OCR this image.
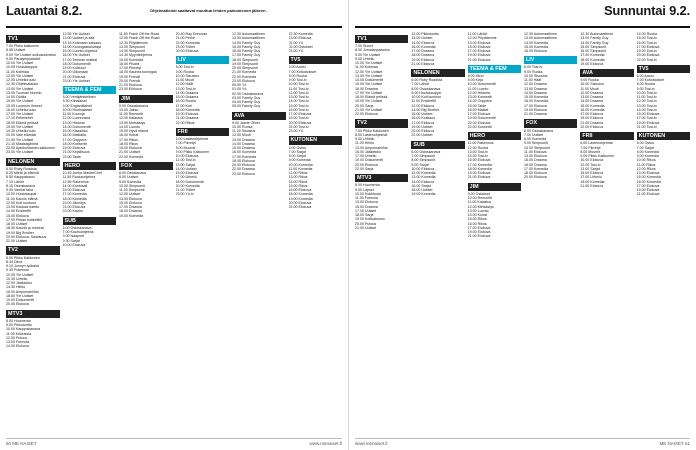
Lauantai 8.2.	Ohjelmatiedot saattavat muuttua lehden painomenon jälkeen.
TV1
7.00 Pikku kakkonen
8.55 Uutiset
9.00 Yle Uutiset selkosuomeksi
9.05 Paralympialaiset
10.00 Yle Uutiset
10.05 Huutokauppa
11.00 Kotimaa
12.00 Yle Uutiset
12.05 Urheiluruutu
12.30 Ohjelmatauko
13.00 Yle Uutiset
13.05 Tuomari Nurmio
14.00 Olotila
15.00 Yle Uutiset
15.05 Luonnon ihmeet
16.00 Urheiluruutu
17.00 Yle Uutiset
17.10 Pelimiehet
18.00 Elämä pelissä
19.00 Yle Uutiset
19.30 Urheiluruutu
20.00 Vain elämää
21.00 Yle Uutiset
21.10 Maalaisjärkeä
22.00 Ajankohtainen kakkonen
23.00 Yle Uutiset
NELONEN
6.00 Ruby Roadsta
6.25 Mietä ja eläimiä
6.50 Kauppakassi
7.10 Lähiöt
8.15 Ostoskanava
9.00 Vanhat talot
10.00 Huutokaupat
11.00 Kaunis elämä
12.00 Koti kuntoon
13.00 Kaukaa haettu
14.00 Ensitreffit
15.00 Elokuva
17.00 Pirkan kotikeittiö
18.00 Uutiset
18.30 Kauniit ja rohkeat
19.00 Big Brother
20.00 Elokuva: Salaisuus
22.00 Uutiset
TV2
6.50 Pikku Kakkonen
8.34 Dinot
9.10 Jonnyn työkalut
9.35 Pokemon
10.05 Yle Uutiset
10.30 Urheilu
12.00 Jääkiekko
14.30 Hiihto
16.00 Ampumahiihto
18.00 Yle Uutiset
19.00 Dokumentti
20.00 Elokuva
MTV3
8.00 Huomenta
9.00 Pikkutonttu
10.00 Kauppakanava
11.00 Kokkisota
12.00 Putous
13.00 Formula
14.00 Elokuva
12.55 Yle Uutiset
13.00 Uutiset ja sää
13.15 Kotimaan katsaus
14.00 Kuningaskuluttaja
15.00 Luonto-ohjelma
16.00 Yle Uutiset
17.00 Teeman matkat
18.00 Dokumentti
19.00 Kulttuuri
20.00 Ulkomaat
21.00 Elokuva
23.00 Yle Uutiset
TEEMA & FEM
8.00 Venäjänkielinen
8.30 Kiinalaiset
9.00 Englantilaiset
10.00 Ruotsalaiset
11.00 Kuoroja
12.00 Luonnossa
13.00 Historia
14.00 Dokumentit
15.00 Klassikko
16.00 Matkalla
17.00 Ooppera
18.00 Konsertti
19.00 Elokuva
21.00 Kirjallisuus
22.00 Taide
HERO
10.45 Junior MasterChef
11.50 Ruokaohjelma
12.55 Rakennus
14.00 Kuntosali
15.00 Elokuva
17.00 Komedia
18.00 Komedia
19.00 Jännitys
21.00 Elokuva
23.00 Kauhu
SUB
6.00 Ostoskanava
7.00 Kauhuohjelma
9.00 Naapurit
9.30 Sarjat
10.00 Elokuva
11.50 Frank Off the Road
12.00 Frank Off the Road
12.30 Pöytätennis
13.00 Simpsonit
14.00 Simpsonit
14.30 Myyntiohjelma
15.00 Komedia
16.00 Pisara
17.00 Piirretyt
18.00 Kauhea kuningas
19.00 Frendit
20.00 Frendit
21.00 Elokuva
23.00 Elokuva
JIM
9.00 Ostoskanava
10.00 Jakso
11.00 Remontti
12.00 Kalastus
13.00 Metsästys
14.00 Luonto
15.00 Hyvä elämä
16.00 Koirat
17.00 Rikos
18.00 Rikos
19.00 Elokuva
21.00 Uutiset
22.00 Komedia
FOX
6.00 Ostokanava
8.00 Uutiset
9.00 Komedia
10.00 Simpsonit
11.00 Simpsonit
12.00 Uutiset
13.00 Elokuva
15.00 Elokuva
17.00 Draama
18.00 Draama
19.00 Komedia
20.40 Ray Donovan
21.00 Perhe
22.00 Komedia
23.00 Trilleri
00.00 Elokuva
LIV
8.00 Tosi-tv
9.00 Ruoka
10.00 Sisustus
11.00 Muoti
12.00 Häät
13.00 Tosi-tv
14.00 Draama
15.00 Draama
16.00 Ruoka
17.00 Koti
18.00 Komedia
19.00 Elokuva
21.00 Draama
22.00 Rikos
FRII
6.00 Lastenohjelmat
7.00 Piirretyt
8.00 Muumit
9.00 Pikku Kakkonen
10.00 Elokuva
12.00 Tosi-tv
13.00 Sarjat
14.00 Uutiset
15.00 Elokuva
17.00 Urheilu
18.00 Dokumentti
20.00 Komedia
21.00 Trilleri
23.00 Yö-tv
12.30 Automaattinen
13.00 Automaattinen
14.00 Family Guy
15.00 Family Guy
16.00 Family Guy
17.00 Family Guy
18.00 Simpsonit
19.00 Simpsonit
20.00 Simpsonit
21.00 Komedia
22.00 Komedia
23.00 Elokuva
00.00 Yö
01.00 Yö
02.00 Ostoskanava
03.00 Family Guy
04.00 Family Guy
05.00 Family Guy
AVA
9.00 Jamie Oliver
10.00 Ruoka
11.00 Sisustus
12.00 Muoti
13.00 Draama
14.00 Draama
15.00 Draama
16.00 Komedia
17.00 Komedia
18.00 Elokuva
20.00 Elokuva
22.00 Draama
23.00 Elokuva
22.30 Komedia
23.00 Elokuva
01.00 Yö
02.00 Ostokset
03.00 Yö
TV5
6.00 Aamu
7.00 Kotiostokset
8.00 Ruoka
9.00 Tosi-tv
10.00 Tosi-tv
11.00 Tosi-tv
12.00 Tosi-tv
13.00 Tosi-tv
14.00 Tosi-tv
15.00 Tosi-tv
16.00 Tosi-tv
17.00 Elokuva
19.00 Tosi-tv
20.00 Elokuva
22.00 Tosi-tv
23.00 Yö
KUTONEN
6.00 Ostos
7.00 Sarjat
8.00 Sarjat
9.00 Komedia
10.00 Komedia
11.00 Komedia
12.00 Rikos
13.00 Rikos
14.00 Rikos
15.00 Rikos
16.00 Elokuva
18.00 Komedia
19.00 Komedia
20.00 Elokuva
22.00 Elokuva
60 ME NAISET	www.menaiset.fi
Sunnuntai 9.2.
TV1
7.00 Suomi
8.00 Jumalanpalvelus
9.00 Yle Uutiset
9.05 Urheilu
10.00 Yle Uutiset
11.00 Kotimaa
12.00 Yle Uutiset
13.00 Yle Uutiset
14.00 Dokumentti
15.00 Yle Uutiset
16.00 Draama
17.00 Yle Uutiset
18.00 Elämä pelissä
19.00 Yle Uutiset
20.00 Sarja
21.00 Yle Uutiset
22.00 Elokuva
TV2
7.00 Pikku Kakkonen
8.00 Lastenohjelmat
9.00 Urheilu
11.00 Hiihto
13.00 Ampumahiihto
15.00 Jääkiekko
17.00 Urheilu
19.00 Dokumentti
20.00 Elokuva
22.00 Sarja
MTV3
8.00 Huomenta
9.00 Lapset
10.00 Kokkisota
11.00 Formula
13.00 Elokuva
15.00 Draama
17.00 Uutiset
18.00 Sarja
19.00 Kotikatsomo
20.00 Putous
21.00 Uutiset
12.00 Pikkutonttu
13.00 Uutiset
14.00 Elokuva
16.00 Komedia
17.00 Draama
18.00 Draama
19.00 Elokuva
21.00 Elokuva
NELONEN
6.00 Ruby Roadsta
7.00 Lähiöt
8.00 Ostoskanava
9.00 Huutokauppa
10.00 Koti kuntoon
11.00 Ensitreffit
12.00 Elokuva
14.00 Big Brother
15.00 Uutiset
16.00 Kokkaus
17.00 Elokuva
19.00 Uutiset
20.00 Elokuva
22.00 Uutiset
SUB
6.00 Ostoskanava
7.00 Simpsonit
8.00 Simpsonit
9.00 Sarjat
10.00 Elokuva
12.00 Komedia
13.00 Komedia
14.00 Elokuva
16.00 Sarjat
18.00 Uutiset
19.00 Komedia
11.00 Lähiöt
12.00 Pöytätennis
13.00 Elokuva
15.00 Elokuva
17.00 Elokuva
19.00 Elokuva
21.00 Elokuva
TEEMA & FEM
8.00 Mind
9.00 Kirja
10.00 Dokumentti
11.00 Luonto
12.00 Historia
13.00 Konsertti
14.00 Ooppera
15.00 Taide
16.00 Matkat
17.00 Elokuva
19.00 Dokumentti
20.00 Elokuva
22.00 Konsertti
HERO
11.00 Rakennus
12.00 Ruoka
13.00 Tosi-tv
14.00 Tosi-tv
15.00 Elokuva
17.00 Komedia
18.00 Komedia
19.00 Elokuva
21.00 Elokuva
JIM
9.00 Ostokset
10.00 Remontti
11.00 Kalastus
12.00 Metsästys
13.00 Luonto
14.00 Koirat
15.00 Rikos
16.00 Rikos
17.00 Elokuva
19.00 Elokuva
21.00 Elokuva
12.30 Automaattinen
13.00 Automaattinen
14.00 Komedia
15.00 Komedia
16.00 Elokuva
LIV
8.00 Tosi-tv
9.00 Ruoka
10.00 Sisustus
11.00 Häät
12.00 Draama
13.00 Draama
14.00 Draama
15.00 Komedia
16.00 Komedia
17.00 Elokuva
19.00 Elokuva
21.00 Draama
FOX
6.00 Ostoskanava
7.00 Uutiset
8.00 Komedia
9.00 Simpsonit
10.00 Simpsonit
11.00 Elokuva
13.00 Elokuva
15.00 Draama
16.00 Draama
17.00 Komedia
18.00 Elokuva
20.00 Elokuva
12.30 Automaattinen
13.00 Family Guy
14.00 Family Guy
15.00 Simpsonit
16.00 Simpsonit
17.00 Komedia
18.00 Komedia
19.00 Elokuva
AVA
9.00 Ruoka
10.00 Sisustus
11.00 Muoti
12.00 Draama
13.00 Draama
14.00 Draama
15.00 Komedia
16.00 Komedia
17.00 Elokuva
19.00 Elokuva
21.00 Draama
22.00 Elokuva
FRII
6.00 Lastenohjelmat
7.00 Piirretyt
8.00 Muumit
9.00 Pikku Kakkonen
10.00 Elokuva
12.00 Tosi-tv
13.00 Sarjat
15.00 Elokuva
17.00 Urheilu
19.00 Komedia
21.00 Elokuva
14.00 Ruoka
15.00 Tosi-tv
16.00 Tosi-tv
17.00 Elokuva
19.00 Tosi-tv
20.00 Elokuva
22.00 Tosi-tv
TV5
6.00 Aamu
7.00 Kotiostokset
8.00 Ruoka
9.00 Tosi-tv
10.00 Tosi-tv
11.00 Tosi-tv
12.00 Tosi-tv
13.00 Tosi-tv
14.00 Tosi-tv
15.00 Elokuva
17.00 Tosi-tv
19.00 Elokuva
21.00 Tosi-tv
KUTONEN
6.00 Ostos
7.00 Sarjat
8.00 Komedia
9.00 Komedia
10.00 Rikos
11.00 Rikos
12.00 Rikos
13.00 Elokuva
15.00 Komedia
16.00 Komedia
17.00 Elokuva
19.00 Elokuva
21.00 Elokuva
www.menaiset.fi	ME NAISET 61
